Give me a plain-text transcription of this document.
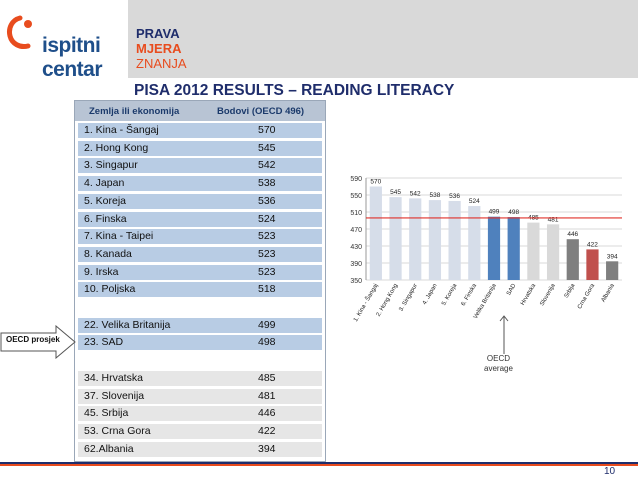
ispitni centar
PRAVA
MJERA
ZNANJA
PISA 2012 RESULTS – READING LITERACY
Zemlja ili ekonomija	Bodovi (OECD 496)
1. Kina - Šangaj	570
2. Hong Kong	545
3. Singapur	542
4. Japan	538
5. Koreja	536
6. Finska	524
7. Kina - Taipei	523
8. Kanada	523
9. Irska	523
10. Poljska	518
22. Velika Britanija	499
23. SAD	498
34. Hrvatska	485
37. Slovenija	481
45. Srbija	446
53. Crna Gora	422
62.Albania	394
OECD prosjek
350
390
430
470
510
550
590 570
1. Kina - Šangaj
545
2. Hong Kong
542
3. Singapur
538
4. Japan
536
5. Koreja
524
6. Finska
499
Velika Britanija
498
SAD
485
Hrvatska
481
Slovenija
446
Srbija
422
Crna Gora
394
Albania
OECD
average
10
